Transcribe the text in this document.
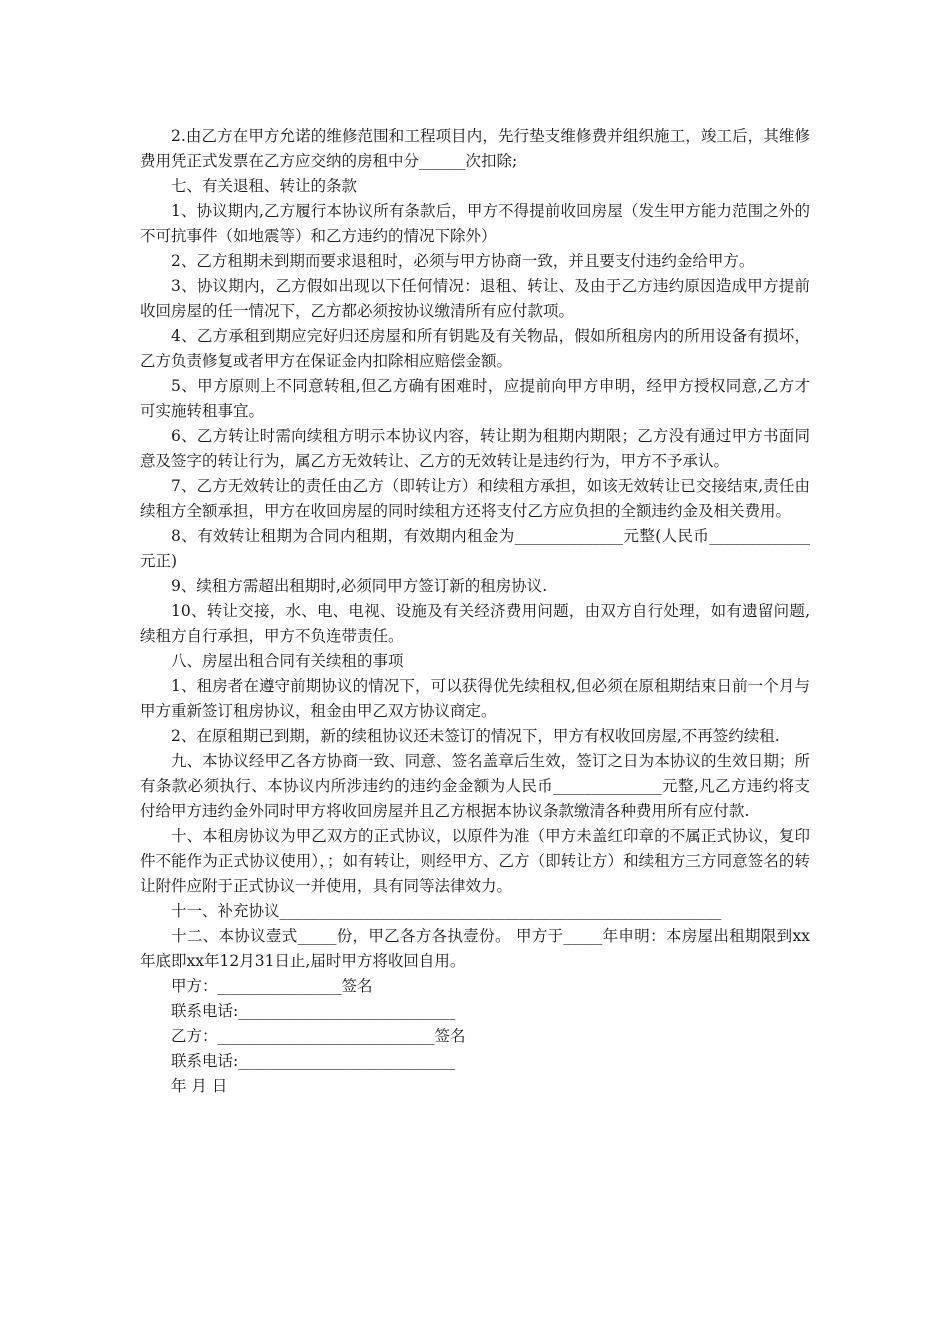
2.由乙方在甲方允诺的维修范围和工程项目内，先行垫支维修费并组织施工，竣工后，其维修费用凭正式发票在乙方应交纳的房租中分______次扣除;

七、有关退租、转让的条款

1、协议期内,乙方履行本协议所有条款后，甲方不得提前收回房屋（发生甲方能力范围之外的不可抗事件（如地震等）和乙方违约的情况下除外）

2、乙方租期未到期而要求退租时，必须与甲方协商一致，并且要支付违约金给甲方。

3、协议期内，乙方假如出现以下任何情况：退租、转让、及由于乙方违约原因造成甲方提前收回房屋的任一情况下，乙方都必须按协议缴清所有应付款项。

4、乙方承租到期应完好归还房屋和所有钥匙及有关物品，假如所租房内的所用设备有损坏，乙方负责修复或者甲方在保证金内扣除相应赔偿金额。

5、甲方原则上不同意转租,但乙方确有困难时，应提前向甲方申明，经甲方授权同意,乙方才可实施转租事宜。

6、乙方转让时需向续租方明示本协议内容，转让期为租期内期限；乙方没有通过甲方书面同意及签字的转让行为，属乙方无效转让、乙方的无效转让是违约行为，甲方不予承认。

7、乙方无效转让的责任由乙方（即转让方）和续租方承担，如该无效转让已交接结束,责任由续租方全额承担，甲方在收回房屋的同时续租方还将支付乙方应负担的全额违约金及相关费用。

8、有效转让租期为合同内租期，有效期内租金为______________元整(人民币_____________元正)

9、续租方需超出租期时,必须同甲方签订新的租房协议.

10、转让交接，水、电、电视、设施及有关经济费用问题，由双方自行处理，如有遗留问题,续租方自行承担，甲方不负连带责任。

八、房屋出租合同有关续租的事项

1、租房者在遵守前期协议的情况下，可以获得优先续租权,但必须在原租期结束日前一个月与甲方重新签订租房协议，租金由甲乙双方协议商定。

2、在原租期已到期，新的续租协议还未签订的情况下，甲方有权收回房屋,不再签约续租.

九、本协议经甲乙各方协商一致、同意、签名盖章后生效，签订之日为本协议的生效日期；所有条款必须执行、本协议内所涉违约的违约金金额为人民币______________元整,凡乙方违约将支付给甲方违约金外同时甲方将收回房屋并且乙方根据本协议条款缴清各种费用所有应付款.

十、本租房协议为甲乙双方的正式协议，以原件为准（甲方未盖红印章的不属正式协议，复印件不能作为正式协议使用），；如有转让，则经甲方、乙方（即转让方）和续租方三方同意签名的转让附件应附于正式协议一并使用，具有同等法律效力。

十一、补充协议_________________________________________________________

十二、本协议壹式_____份，甲乙各方各执壹份。 甲方于_____年申明：本房屋出租期限到xx年底即xx年12月31日止,届时甲方将收回自用。

甲方：________________签名

联系电话:____________________________

乙方：____________________________签名

联系电话:____________________________

年 月 日
